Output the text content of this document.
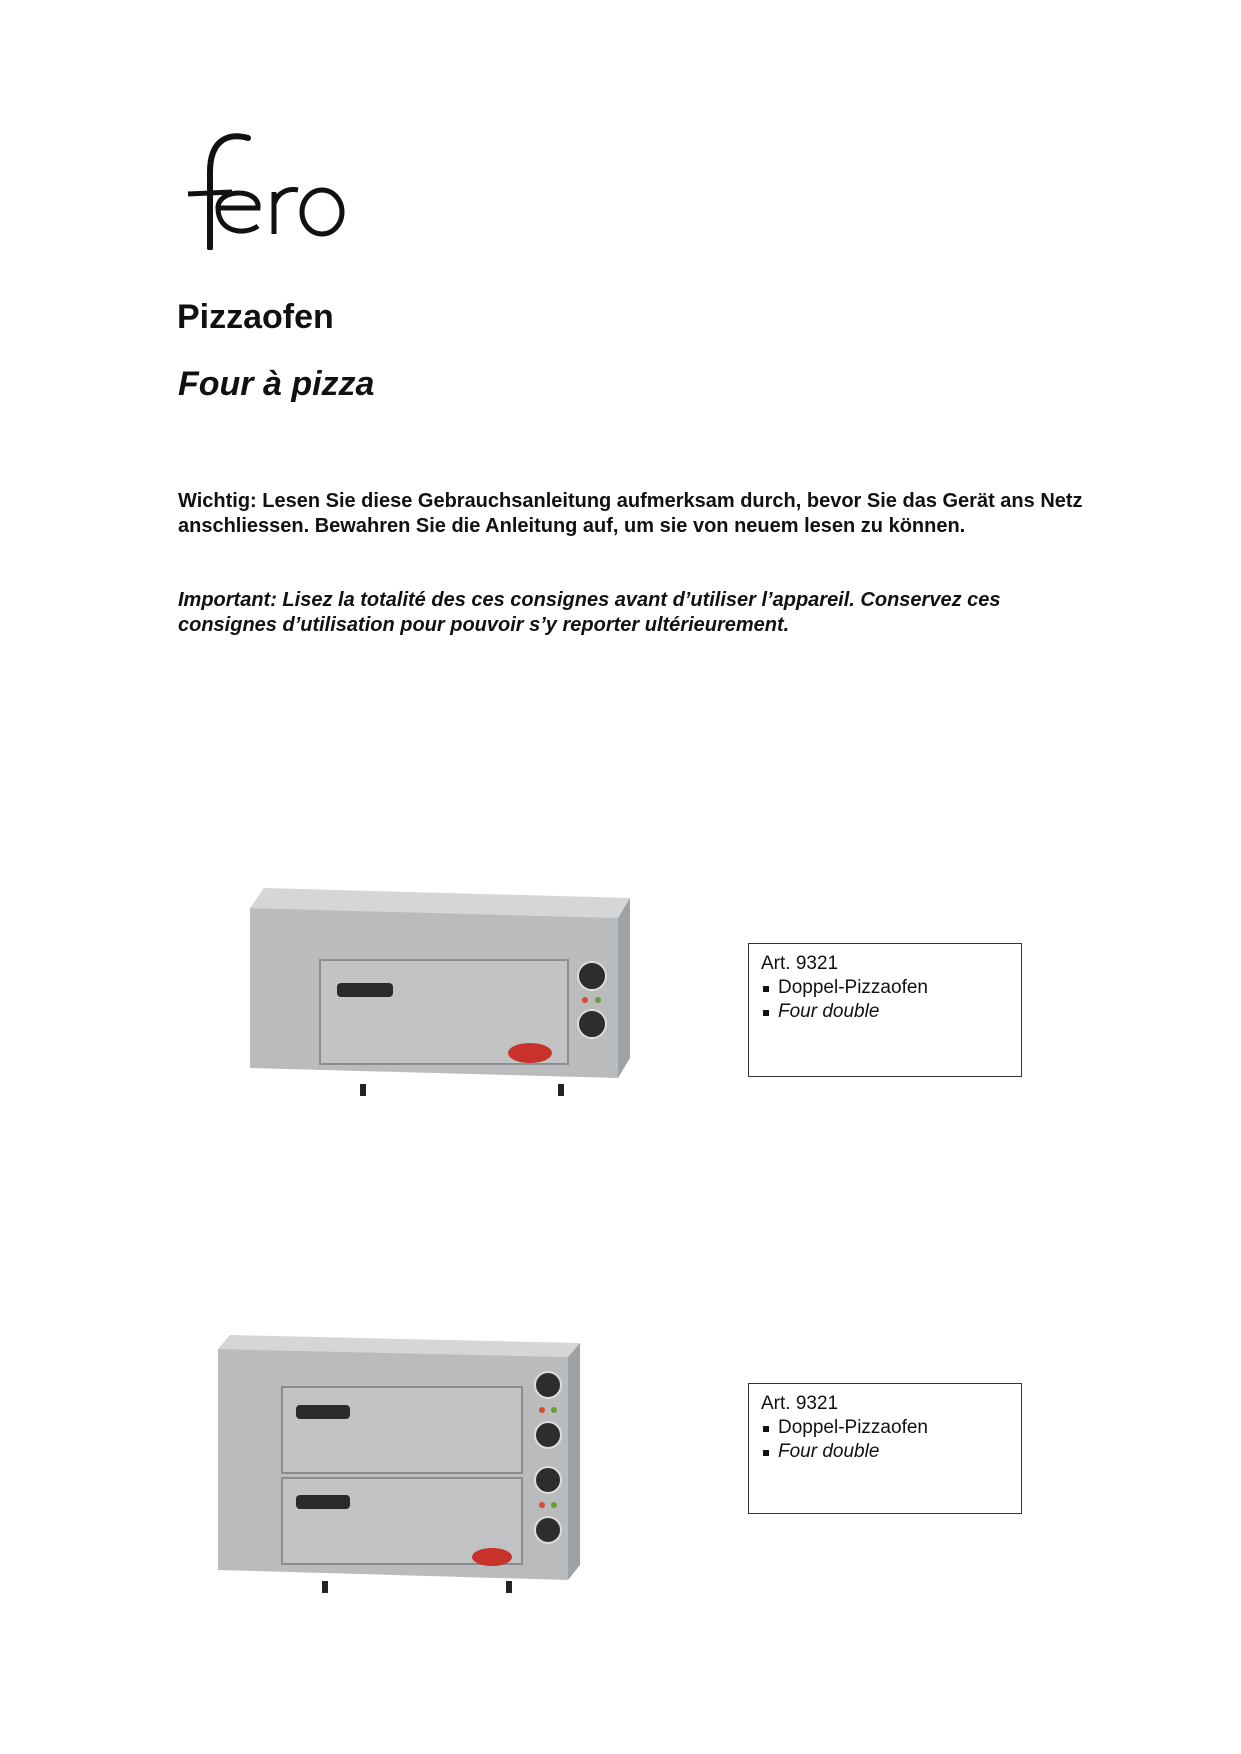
Pizzaofen
Four à pizza

Wichtig: Lesen Sie diese Gebrauchsanleitung aufmerksam durch, bevor Sie das Gerät ans Netz anschliessen. Bewahren Sie die Anleitung auf, um sie von neuem lesen zu können.

Important: Lisez la totalité des ces consignes avant d’utiliser l’appareil. Conservez ces consignes d’utilisation pour pouvoir s’y reporter ultérieurement.

Art. 9321
Doppel-Pizzaofen
Four double
Art. 9321
Doppel-Pizzaofen
Four double
